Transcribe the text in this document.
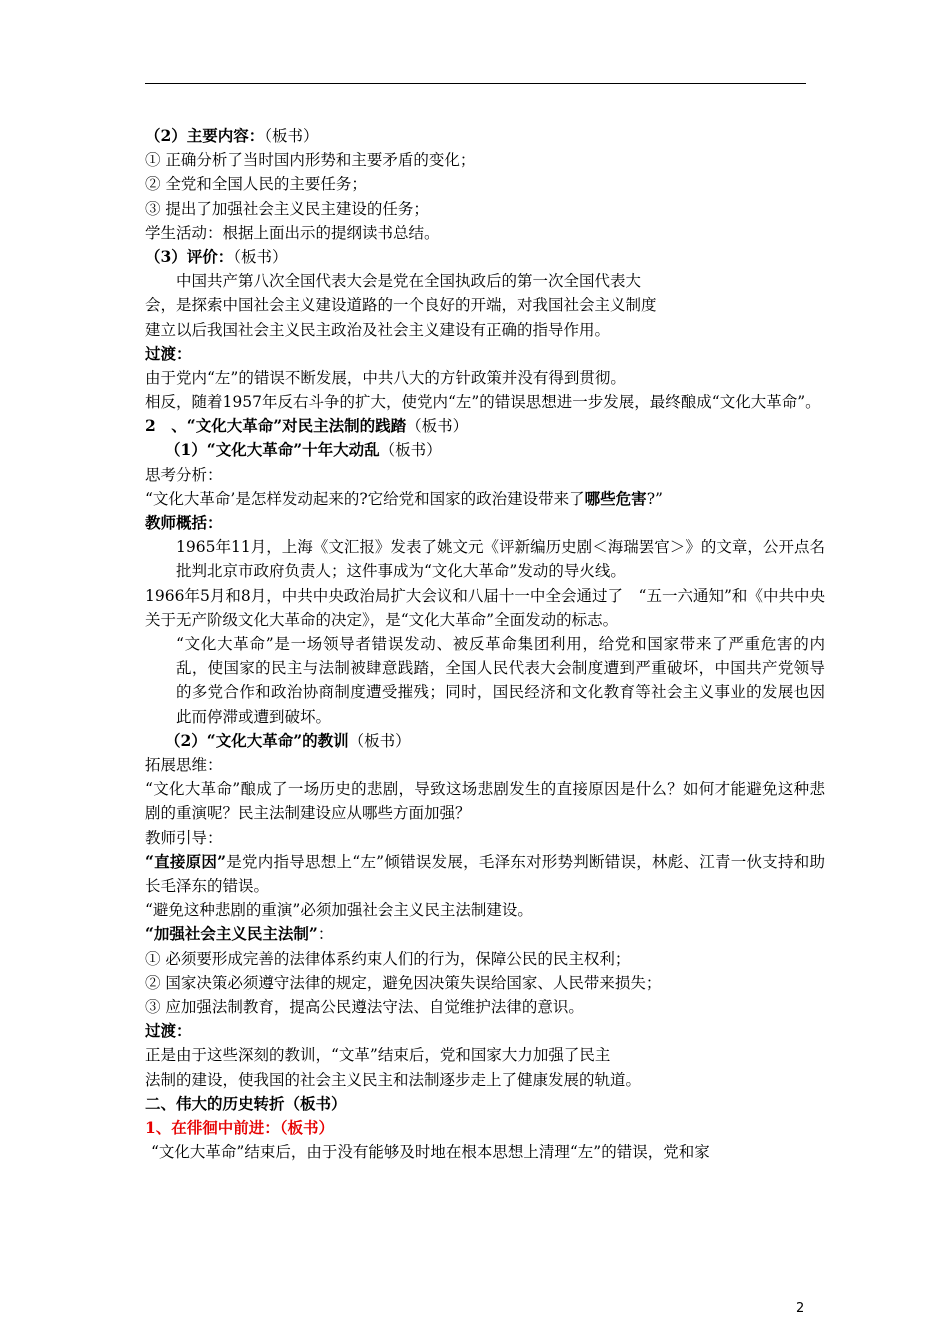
（2）主要内容：（板书）
① 正确分析了当时国内形势和主要矛盾的变化；
② 全党和全国人民的主要任务；
③ 提出了加强社会主义民主建设的任务；
学生活动：根据上面出示的提纲读书总结。
（3）评价：（板书）
中国共产第八次全国代表大会是党在全国执政后的第一次全国代表大
会，是探索中国社会主义建设道路的一个良好的开端，对我国社会主义制度
建立以后我国社会主义民主政治及社会主义建设有正确的指导作用。
过渡：
由于党内“左”的错误不断发展，中共八大的方针政策并没有得到贯彻。
相反，随着1957年反右斗争的扩大，使党内“左”的错误思想进一步发展，最终酿成“文化大革命”。
2　、“文化大革命”对民主法制的践踏（板书）
（1）“文化大革命”十年大动乱（板书）
思考分析：
“文化大革命’是怎样发动起来的?它给党和国家的政治建设带来了哪些危害?”
教师概括：
1965年11月，上海《文汇报》发表了姚文元《评新编历史剧＜海瑞罢官＞》的文章，公开点名批判北京市政府负责人；这件事成为“文化大革命”发动的导火线。
1966年5月和8月，中共中央政治局扩大会议和八届十一中全会通过了　“五一六通知”和《中共中央关于无产阶级文化大革命的决定》，是“文化大革命”全面发动的标志。
“文化大革命”是一场领导者错误发动、被反革命集团利用，给党和国家带来了严重危害的内乱，使国家的民主与法制被肆意践踏，全国人民代表大会制度遭到严重破坏，中国共产党领导的多党合作和政治协商制度遭受摧残；同时，国民经济和文化教育等社会主义事业的发展也因此而停滞或遭到破坏。
（2）“文化大革命”的教训（板书）
拓展思维：
“文化大革命”酿成了一场历史的悲剧，导致这场悲剧发生的直接原因是什么？如何才能避免这种悲剧的重演呢？民主法制建设应从哪些方面加强？
教师引导：
“直接原因”是党内指导思想上“左”倾错误发展，毛泽东对形势判断错误，林彪、江青一伙支持和助长毛泽东的错误。
“避免这种悲剧的重演”必须加强社会主义民主法制建设。
“加强社会主义民主法制”：
① 必须要形成完善的法律体系约束人们的行为，保障公民的民主权利；
② 国家决策必须遵守法律的规定，避免因决策失误给国家、人民带来损失；
③ 应加强法制教育，提高公民遵法守法、自觉维护法律的意识。
过渡：
正是由于这些深刻的教训，“文革”结束后，党和国家大力加强了民主
法制的建设，使我国的社会主义民主和法制逐步走上了健康发展的轨道。
二、伟大的历史转折（板书）
1、在徘徊中前进：（板书）
“文化大革命”结束后，由于没有能够及时地在根本思想上清理“左”的错误，党和家
2
